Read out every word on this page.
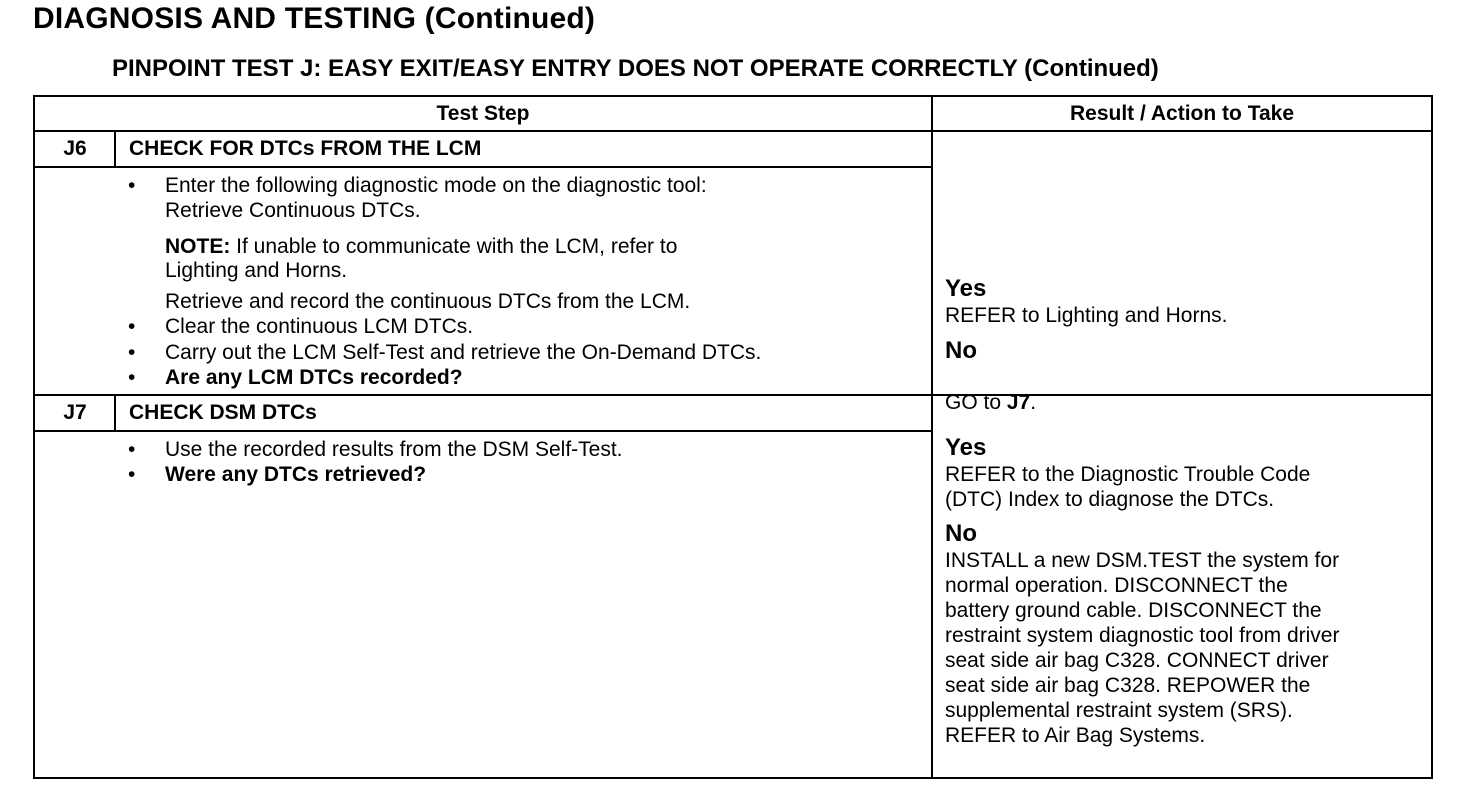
DIAGNOSIS AND TESTING (Continued)
PINPOINT TEST J: EASY EXIT/EASY ENTRY DOES NOT OPERATE CORRECTLY (Continued)
Test Step	Result / Action to Take
J6	CHECK FOR DTCs FROM THE LCM
• Enter the following diagnostic mode on the diagnostic tool:
Retrieve Continuous DTCs.
NOTE: If unable to communicate with the LCM, refer to
Lighting and Horns.
Retrieve and record the continuous DTCs from the LCM.
• Clear the continuous LCM DTCs.
• Carry out the LCM Self-Test and retrieve the On-Demand DTCs.
• Are any LCM DTCs recorded?
Yes
REFER to Lighting and Horns.
No

GO to J7.

J7	CHECK DSM DTCs
• Use the recorded results from the DSM Self-Test.
• Were any DTCs retrieved?
Yes
REFER to the Diagnostic Trouble Code
(DTC) Index to diagnose the DTCs.
No
INSTALL a new DSM.TEST the system for
normal operation. DISCONNECT the
battery ground cable. DISCONNECT the
restraint system diagnostic tool from driver
seat side air bag C328. CONNECT driver
seat side air bag C328. REPOWER the
supplemental restraint system (SRS).
REFER to Air Bag Systems.
